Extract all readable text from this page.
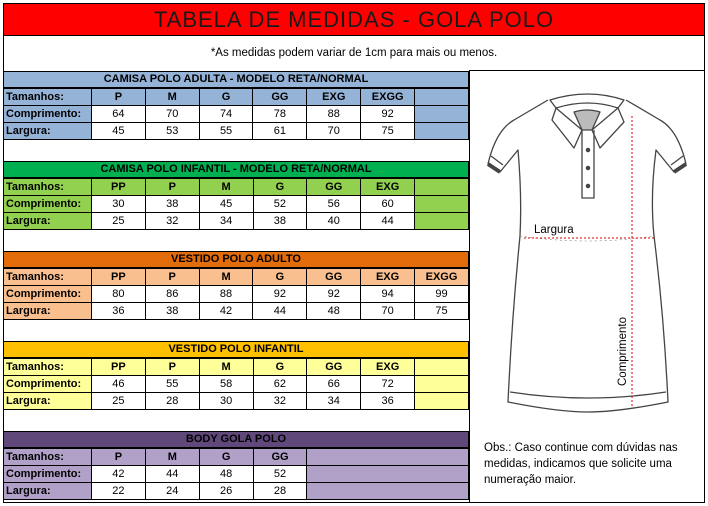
TABELA DE MEDIDAS - GOLA POLO
*As medidas podem variar de 1cm para mais ou menos.
CAMISA POLO ADULTA - MODELO RETA/NORMAL
Tamanhos:	P	M	G	GG	EXG	EXGG	
Comprimento:	64	70	74	78	88	92	
Largura:	45	53	55	61	70	75	
CAMISA POLO INFANTIL - MODELO RETA/NORMAL
Tamanhos:	PP	P	M	G	GG	EXG	
Comprimento:	30	38	45	52	56	60	
Largura:	25	32	34	38	40	44	
VESTIDO POLO ADULTO
Tamanhos:	PP	P	M	G	GG	EXG	EXGG
Comprimento:	80	86	88	92	92	94	99
Largura:	36	38	42	44	48	70	75
VESTIDO POLO INFANTIL
Tamanhos:	PP	P	M	G	GG	EXG	
Comprimento:	46	55	58	62	66	72	
Largura:	25	28	30	32	34	36	
BODY GOLA POLO
Tamanhos:	P	M	G	GG	
Comprimento:	42	44	48	52	
Largura:	22	24	26	28	
Largura
Comprimento
Obs.: Caso continue com dúvidas nas medidas, indicamos que solicite uma numeração maior.
